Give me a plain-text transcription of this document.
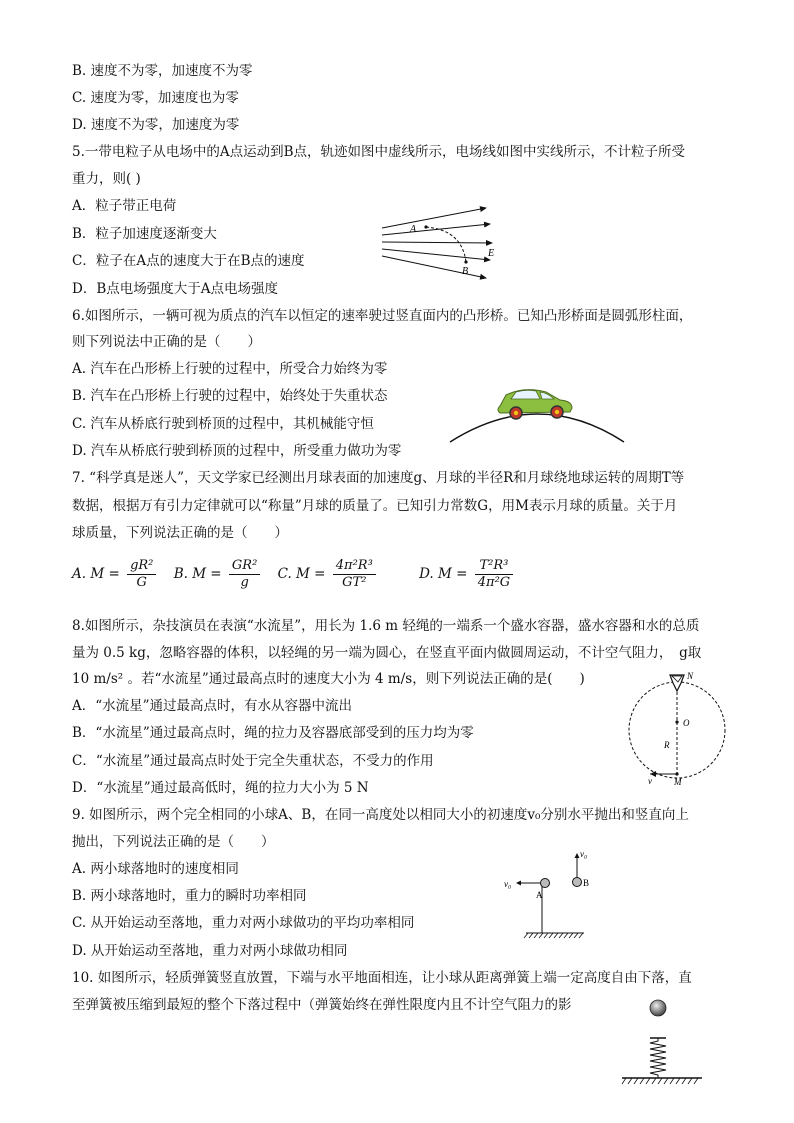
B. 速度不为零，加速度不为零
C. 速度为零，加速度也为零
D. 速度不为零，加速度为零
5.一带电粒子从电场中的A点运动到B点，轨迹如图中虚线所示，电场线如图中实线所示，不计粒子所受
重力，则( )
A．粒子带正电荷
B．粒子加速度逐渐变大
C．粒子在A点的速度大于在B点的速度
D．B点电场强度大于A点电场强度
A
B
E
6.如图所示，一辆可视为质点的汽车以恒定的速率驶过竖直面内的凸形桥。已知凸形桥面是圆弧形柱面，
则下列说法中正确的是（　　）
A. 汽车在凸形桥上行驶的过程中，所受合力始终为零
B. 汽车在凸形桥上行驶的过程中，始终处于失重状态
C. 汽车从桥底行驶到桥顶的过程中，其机械能守恒
D. 汽车从桥底行驶到桥顶的过程中，所受重力做功为零
7. “科学真是迷人”，天文学家已经测出月球表面的加速度g、月球的半径R和月球绕地球运转的周期T等
数据，根据万有引力定律就可以“称量”月球的质量了。已知引力常数G，用M表示月球的质量。关于月
球质量，下列说法正确的是（　　）
A. $M = \frac{\text{gR²}}{G} B$. $M = \frac{\text{GR²}}{g} C$. $M = \frac{\text{4π²R³}}{\text{GT²}}$	D. $M = \frac{\text{T²R³}}{\text{4π²G}}$
8.如图所示，杂技演员在表演“水流星”，用长为 1.6 m 轻绳的一端系一个盛水容器，盛水容器和水的总质
量为 0.5 kg，忽略容器的体积，以轻绳的另一端为圆心，在竖直平面内做圆周运动，不计空气阻力，　g取
10 m/s² 。若“水流星”通过最高点时的速度大小为 4 m/s，则下列说法正确的是(　　)
A．“水流星”通过最高点时，有水从容器中流出
B．“水流星”通过最高点时，绳的拉力及容器底部受到的压力均为零
C．“水流星”通过最高点时处于完全失重状态，不受力的作用
D．“水流星”通过最高低时，绳的拉力大小为 5 N
N
O
R
M
v
9. 如图所示，两个完全相同的小球A、B，在同一高度处以相同大小的初速度v₀分别水平抛出和竖直向上
抛出，下列说法正确的是（　　）
A. 两小球落地时的速度相同
B. 两小球落地时，重力的瞬时功率相同
C. 从开始运动至落地，重力对两小球做功的平均功率相同
D. 从开始运动至落地，重力对两小球做功相同
v₀
v₀
A
B
10. 如图所示，轻质弹簧竖直放置，下端与水平地面相连，让小球从距离弹簧上端一定高度自由下落，直
至弹簧被压缩到最短的整个下落过程中（弹簧始终在弹性限度内且不计空气阻力的影
